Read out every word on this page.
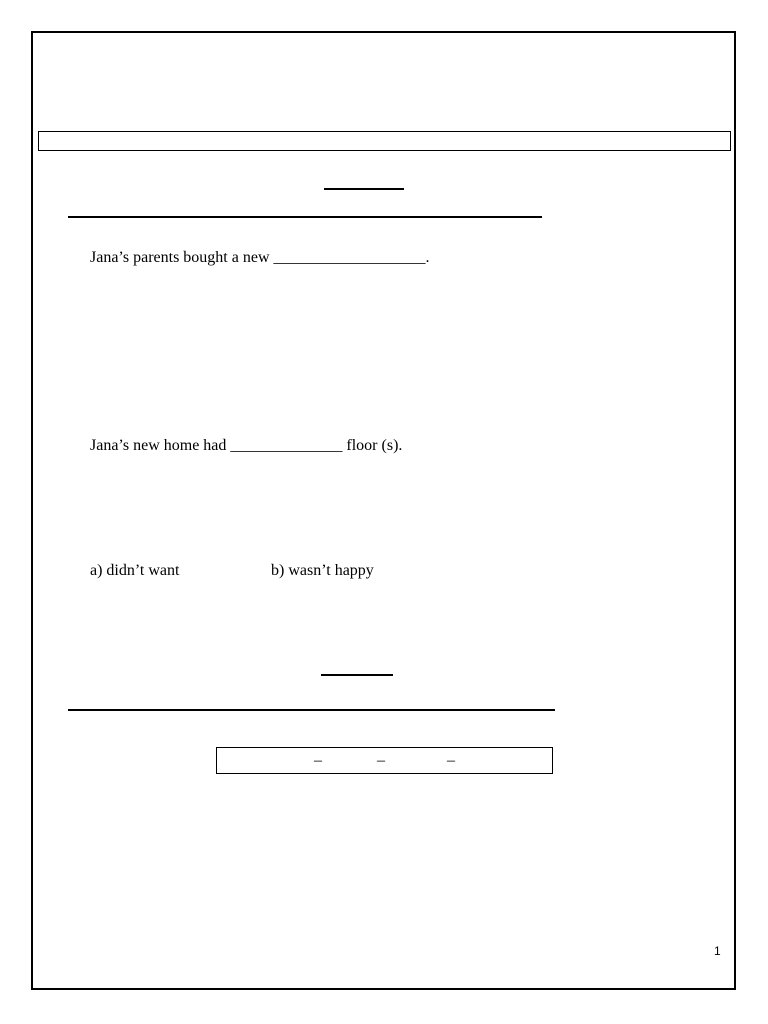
Jana’s parents bought a new ___________________.
Jana’s new home had ______________ floor (s).
a) didn’t want	b) wasn’t happy
–	–	–
1
